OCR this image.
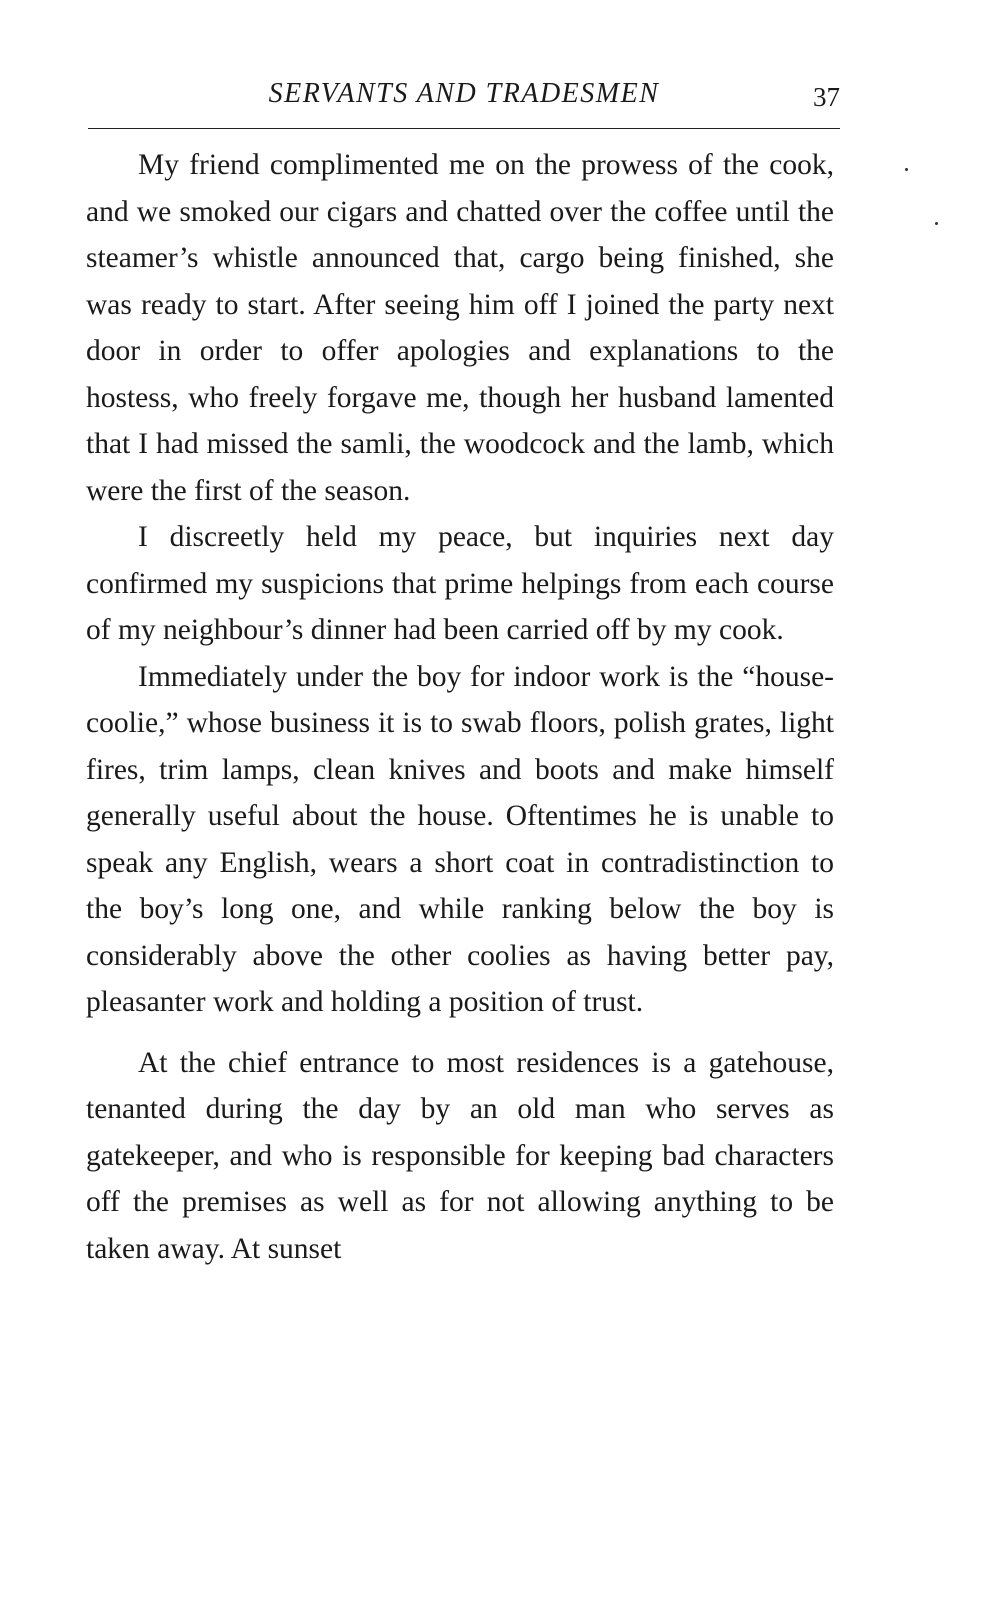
SERVANTS AND TRADESMEN	37

My friend complimented me on the prowess of the cook, and we smoked our cigars and chatted over the coffee until the steamer’s whistle announced that, cargo being finished, she was ready to start. After seeing him off I joined the party next door in order to offer apologies and explanations to the hostess, who freely forgave me, though her husband lamented that I had missed the samli, the woodcock and the lamb, which were the first of the season.

I discreetly held my peace, but inquiries next day confirmed my suspicions that prime helpings from each course of my neighbour’s dinner had been carried off by my cook.

Immediately under the boy for indoor work is the “house-coolie,” whose business it is to swab floors, polish grates, light fires, trim lamps, clean knives and boots and make himself generally useful about the house. Oftentimes he is unable to speak any English, wears a short coat in contradistinction to the boy’s long one, and while ranking below the boy is considerably above the other coolies as having better pay, pleasanter work and holding a position of trust.

At the chief entrance to most residences is a gatehouse, tenanted during the day by an old man who serves as gatekeeper, and who is responsible for keeping bad characters off the premises as well as for not allowing anything to be taken away. At sunset
